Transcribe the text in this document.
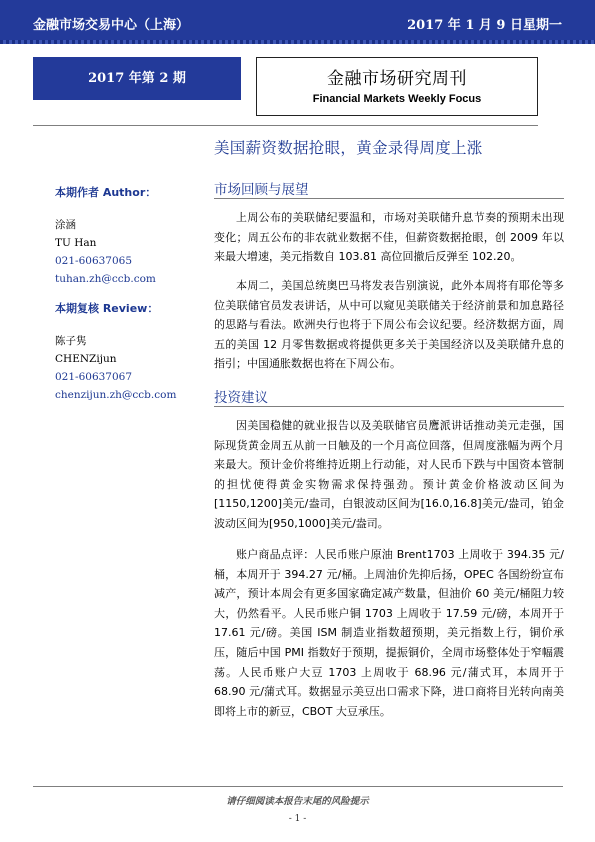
金融市场交易中心（上海）	2017 年 1 月 9 日星期一
2017 年第 2 期	金融市场研究周刊
Financial Markets Weekly Focus
美国薪资数据抢眼，黄金录得周度上涨
本期作者 Author：
涂涵
TU Han
021-60637065
tuhan.zh@ccb.com
本期复核 Review：
陈子隽
CHENZijun
021-60637067
chenzijun.zh@ccb.com
市场回顾与展望
上周公布的美联储纪要温和，市场对美联储升息节奏的预期未出现变化；周五公布的非农就业数据不佳，但薪资数据抢眼，创 2009 年以来最大增速，美元指数自 103.81 高位回撤后反弹至 102.20。
本周二，美国总统奥巴马将发表告别演说，此外本周将有耶伦等多位美联储官员发表讲话，从中可以窥见美联储关于经济前景和加息路径的思路与看法。欧洲央行也将于下周公布会议纪要。经济数据方面，周五的美国 12 月零售数据或将提供更多关于美国经济以及美联储升息的指引；中国通胀数据也将在下周公布。
投资建议
因美国稳健的就业报告以及美联储官员鹰派讲话推动美元走强，国际现货黄金周五从前一日触及的一个月高位回落，但周度涨幅为两个月来最大。预计金价将维持近期上行动能，对人民币下跌与中国资本管制的担忧使得黄金实物需求保持强劲。预计黄金价格波动区间为[1150,1200]美元/盎司，白银波动区间为[16.0,16.8]美元/盎司，铂金波动区间为[950,1000]美元/盎司。
账户商品点评：人民币账户原油 Brent1703 上周收于 394.35 元/桶，本周开于 394.27 元/桶。上周油价先抑后扬，OPEC 各国纷纷宣布减产，预计本周会有更多国家确定减产数量，但油价 60 美元/桶阻力较大，仍然看平。人民币账户铜 1703 上周收于 17.59 元/磅，本周开于 17.61 元/磅。美国 ISM 制造业指数超预期，美元指数上行，铜价承压，随后中国 PMI 指数好于预期，提振铜价，全周市场整体处于窄幅震荡。人民币账户大豆 1703 上周收于 68.96 元/蒲式耳，本周开于 68.90 元/蒲式耳。数据显示美豆出口需求下降，进口商将目光转向南美即将上市的新豆，CBOT 大豆承压。
请仔细阅读本报告末尾的风险提示
- 1 -
